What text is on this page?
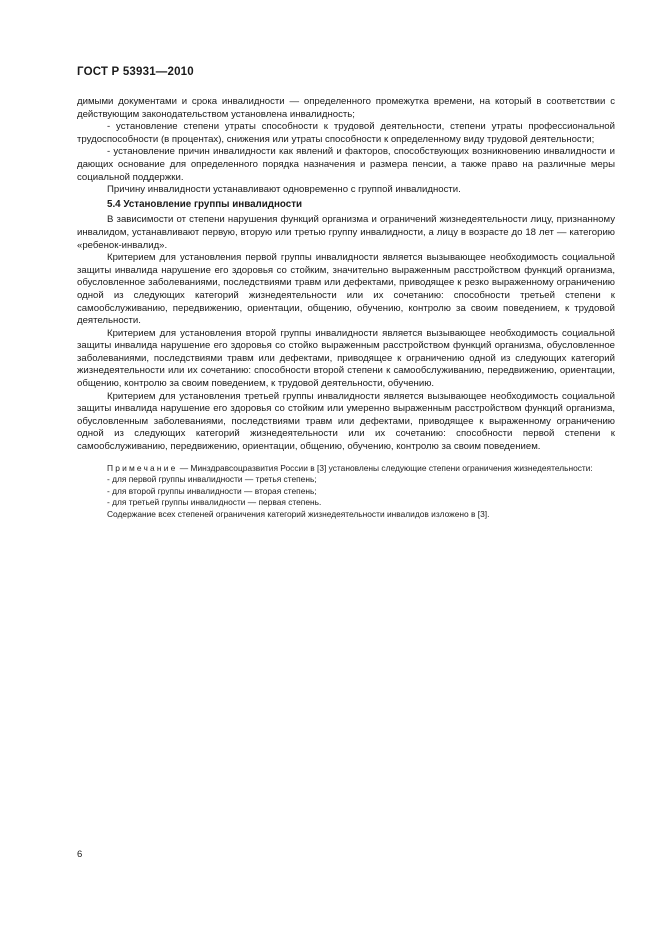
ГОСТ Р 53931—2010

димыми документами и срока инвалидности — определенного промежутка времени, на который в соответствии с действующим законодательством установлена инвалидность;

- установление степени утраты способности к трудовой деятельности, степени утраты профессиональной трудоспособности (в процентах), снижения или утраты способности к определенному виду трудовой деятельности;

- установление причин инвалидности как явлений и факторов, способствующих возникновению инвалидности и дающих основание для определенного порядка назначения и размера пенсии, а также право на различные меры социальной поддержки.

Причину инвалидности устанавливают одновременно с группой инвалидности.

5.4 Установление группы инвалидности

В зависимости от степени нарушения функций организма и ограничений жизнедеятельности лицу, признанному инвалидом, устанавливают первую, вторую или третью группу инвалидности, а лицу в возрасте до 18 лет — категорию «ребенок-инвалид».

Критерием для установления первой группы инвалидности является вызывающее необходимость социальной защиты инвалида нарушение его здоровья со стойким, значительно выраженным расстройством функций организма, обусловленное заболеваниями, последствиями травм или дефектами, приводящее к резко выраженному ограничению одной из следующих категорий жизнедеятельности или их сочетанию: способности третьей степени к самообслуживанию, передвижению, ориентации, общению, обучению, контролю за своим поведением, к трудовой деятельности.

Критерием для установления второй группы инвалидности является вызывающее необходимость социальной защиты инвалида нарушение его здоровья со стойко выраженным расстройством функций организма, обусловленное заболеваниями, последствиями травм или дефектами, приводящее к ограничению одной из следующих категорий жизнедеятельности или их сочетанию: способности второй степени к самообслуживанию, передвижению, ориентации, общению, контролю за своим поведением, к трудовой деятельности, обучению.

Критерием для установления третьей группы инвалидности является вызывающее необходимость социальной защиты инвалида нарушение его здоровья со стойким или умеренно выраженным расстройством функций организма, обусловленным заболеваниями, последствиями травм или дефектами, приводящее к выраженному ограничению одной из следующих категорий жизнедеятельности или их сочетанию: способности первой степени к самообслуживанию, передвижению, ориентации, общению, обучению, контролю за своим поведением.

Примечание — Минздравсоцразвития России в [3] установлены следующие степени ограничения жизнедеятельности:

- для первой группы инвалидности — третья степень;

- для второй группы инвалидности — вторая степень;

- для третьей группы инвалидности — первая степень.

Содержание всех степеней ограничения категорий жизнедеятельности инвалидов изложено в [3].

6
